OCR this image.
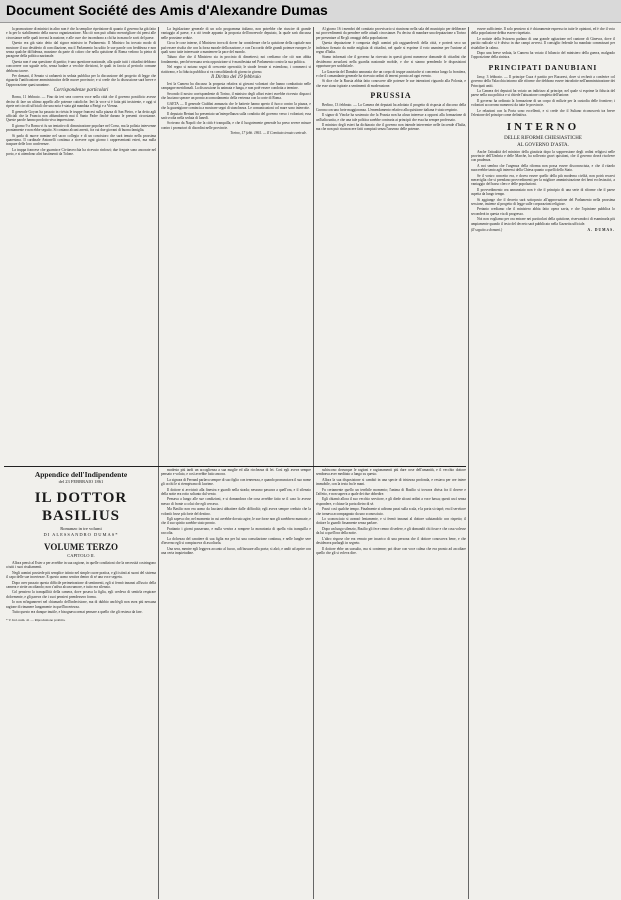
Document Société des Amis d'Alexandre Dumas

la promozione di ministri in altro non è che la semplice ripetizione di quanto il governo ha già fatto e fa per lo stabilimento della nuova organizzazione. Ma ciò non può affatto meravigliare chi pensi alle circostanze nelle quali trovasi la nazione, e alle cure che incombono a chi ha in mano le sorti del paese.

Questo era già stato detto dal signor ministro in Parlamento. Il Ministro ha trovato modo di mostrare il suo desiderio di conciliazione, ma il Parlamento ha udito le sue parole con freddezza e non senza qualche diffidenza, massime da parte di coloro che nella quistione di Roma vedono la pietra di paragone della politica nazionale.

Questa non è una questione di partito; è una questione nazionale, alla quale tutti i cittadini debbono concorrere con uguale zelo, senza badare a vecchie divisioni, le quali in faccia al pericolo comune debbono tacere.

Per domani, il Senato si radunerà in seduta pubblica per la discussione del progetto di legge che riguarda l'unificazione amministrativa delle nuove provincie; e si crede che la discussione sarà breve e l'approvazione quasi unanime.

Corrispondenze particolari

Roma, 11 febbraio. — Fino da ieri sera correva voce nella città che il governo pontificio avesse deciso di fare un ultimo appello alle potenze cattoliche. Ieri la voce si è fatta più insistente, e oggi si ripete nei circoli ufficiali che una nota è stata già mandata a Parigi e a Vienna.

Il generale Goyon ha passato in rivista le truppe francesi sulla piazza di San Pietro, e ha detto agli ufficiali che la Francia non abbandonerà mai il Santo Padre finché durano le presenti circostanze. Queste parole hanno prodotto viva impressione.

Il giorno 9 a Roma vi fu un tentativo di dimostrazione popolare nel Corso, ma la polizia intervenne prontamente e non ebbe seguito. Si contano alcuni arresti, fra cui due giovani di buona famiglia.

Si parla di nuove nomine nel sacro collegio e di un concistoro che sarà tenuto nella prossima quaresima. Il cardinale Antonelli continua a ricevere ogni giorno i rappresentanti esteri, ma nulla traspare delle loro conferenze.

La truppa francese che guarnisce Civitavecchia ha ricevuto rinforzi; due fregate sono ancorate nel porto, e si attendono altri bastimenti da Tolone.

La legislazione generale di un solo programma italiano, non potrebbe che riuscire di grande vantaggio al paese, e a ciò tende appunto la proposta dell'onorevole deputato, la quale sarà discussa nelle prossime sedute.

Circa le cose interne, il Ministero trova di dover far considerare che la quistione della capitale non può essere risolta che con la forza morale della nazione, e con l'accordo delle grandi potenze europee, le quali sono tutte interessate a mantenere la pace del mondo.

Taluno dice che il Ministero sia in procinto di dimettersi; noi crediamo che ciò non abbia fondamento, perché nessuna seria opposizione si è manifestata nel Parlamento contro la sua politica.

Nel regno si notano segni di crescente operosità; le strade ferrate si estendono, i commerci si riattivano, e la fiducia pubblica si va consolidando di giorno in giorno.

Il Diritto del 19 febbraio

Ieri la Camera ha discusso la proposta relativa ai giovani volontari che hanno combattuto nelle campagne meridionali. La discussione fu animata e lunga, e non poté essere condotta a termine.

Secondo il nostro corrispondente di Torino, il ministro degli affari esteri avrebbe ricevuto dispacci che lasciano sperare un pronto accomodamento della vertenza con la corte di Roma.

GAETA — Il generale Cialdini annunzia che le batterie hanno aperto il fuoco contro la piazza, e che la guarnigione comincia a mostrare segni di stanchezza. Le comunicazioni col mare sono interrotte.

Il deputato Bertani ha presentato un'interpellanza sulla condotta del governo verso i volontari; essa sarà svolta nella seduta di lunedì.

Scrivono da Napoli che la città è tranquilla, e che il luogotenente generale ha preso severe misure contro i promotori di disordini nelle provincie.

Torino, 17 febb. 1861. — Il Comitato tenuto centrale.

Al giorno 16 i membri del comitato provvisorio si riunirono nella sala del municipio per deliberare sui provvedimenti da prendere nelle attuali circostanze. Fu deciso di mandare una deputazione a Torino per presentare al Re gli omaggi della popolazione.

Questa deputazione è composta degli uomini più ragguardevoli della città, e porterà seco un indirizzo firmato da molte migliaia di cittadini, nel quale si esprime il voto unanime per l'unione al regno d'Italia.

Siamo informati che il governo ha ricevuto in questi giorni numerose domande di cittadini che desiderano arruolarsi nella guardia nazionale mobile, e che si stanno prendendo le disposizioni opportune per soddisfarle.

La Gazzetta del Danubio annunzia che un corpo di truppe austriache si concentra lungo la frontiera, e che il comandante generale ha ricevuto ordini di tenersi pronto ad ogni evento.

Si dice che la Russia abbia fatto conoscere alle potenze le sue intenzioni riguardo alla Polonia, e che esse siano ispirate a sentimenti di moderazione.

PRUSSIA

Berlino, 13 febbraio. — La Camera dei deputati ha adottato il progetto di risposta al discorso della Corona con una forte maggioranza. L'emendamento relativo alla quistione italiana è stato respinto.

Il signor di Vincke ha sostenuto che la Prussia non ha alcun interesse a opporsi alla formazione di un'Italia unita, e che una tale politica sarebbe contraria ai principii che essa ha sempre professato.

Il ministro degli esteri ha dichiarato che il governo non intende intervenire nelle faccende d'Italia, ma che non può riconoscere fatti compiuti senza l'assenso delle potenze.

essere sufficiente. Il solo pensiero si è chiaramente espresso in tutte le opinioni, ed è che il voto della popolazione debba essere rispettato.

Le notizie della Svizzera parlano di una grande agitazione nel cantone di Ginevra, dove il partito radicale si è diviso in due campi avversi. Il consiglio federale ha mandato commissari per ristabilire la calma.

Dopo una breve seduta, la Camera ha votato il bilancio del ministero della guerra, malgrado l'opposizione della sinistra.

PRINCIPATI DANUBIANI

Jassy, 3 febbraio. — Il principe Cuza è partito per Bucarest, dove si recherà a conferire col governo della Valacchia intorno alle riforme che debbono essere introdotte nell'amministrazione dei Principati uniti.

La Camera dei deputati ha votato un indirizzo al principe, nel quale si esprime la fiducia del paese nella sua politica e si chiede l'attuazione completa dell'unione.

Il governo ha ordinato la formazione di un corpo di milizie per la custodia delle frontiere; i volontari accorrono numerosi da tutte le provincie.

Le relazioni con la Porta sono eccellenti, e si crede che il Sultano riconoscerà tra breve l'elezione del principe come definitiva.

INTERNO
DELLE RIFORME CHIESIASTICHE
AL GOVERNO D'ASTA.

Anche l'attualità del ministro della giustizia dopo la soppressione degli ordini religiosi nelle provincie dell'Umbria e delle Marche, ha sollevato gravi quistioni, che il governo dovrà risolvere con prudenza.

A noi sembra che l'urgenza della riforma non possa essere disconosciuta, e che il ritardo nuocerebbe tanto agli interessi della Chiesa quanto a quelli dello Stato.

Se il vostro concetto era, e dovea essere quello della più moderna civiltà, non potrà recarvi meraviglia che si prendano provvedimenti per la migliore amministrazione dei beni ecclesiastici, a vantaggio del basso clero e delle popolazioni.

Il provvedimento ora annunziato non è che il principio di una serie di riforme che il paese aspetta da lungo tempo.

Si aggiunge che il decreto sarà sottoposto all'approvazione del Parlamento nella prossima sessione, insieme al progetto di legge sulle corporazioni religiose.

Pertanto crediamo che il ministero abbia fatto opera savia, e che l'opinione pubblica lo seconderà in questa via di progresso.

Noi non vogliamo per ora entrare nei particolari della quistione, riservandoci di esaminarla più ampiamente quando il testo del decreto sarà pubblicato nella Gazzetta ufficiale.

(Il seguito a domani.)	A. DUMAS.
Appendice dell'Indipendente
del 23 FEBBRAIO 1861
IL DOTTOR BASILIUS
Romanzo in tre volumi
DI ALESSANDRO DUMAS*
VOLUME TERZO
CAPITOLO II.

Allora pensò al Ester a per avrebbe in sua ragione, in quelle condizioni che la necessità costringono a tutti i suoi risultamenti.

Negli uomini possiede più semplice istinto nel simple cuore pratica, e gli istinti ai suoni del sistema il capo delle sue incertezze. E questo uomo sentiva dentro di sé una voce segreta.

Dopo aver passato questa difficile perimetrazione di sentimenti, egli si fermò innanzi all'uscio della camera e stette ascoltando; non s'udiva alcun rumore, e tutto era silenzio.

Col pensiero la tranquillità della camera, dove posava la figlia, egli credeva di sentirla respirare dolcemente, e gli pareva che i suoi pensieri prendessero forma.

Io non m'ingannerei nel chiamarlo dell'indecisione, ma di dubbio anch'egli non avea più nessuna ragione di rimanere lungamente in quell'incertezza.

Tutto questo era dunque inutile, e bisognava ormai pensare a quello che gli restava da fare.

* V. Ind. num. 41 — Riproduzione proibita.

modesto più tardi un accoglienza a sua moglie ed alla ricchezza di lei. Così egli aveva sempre pensato e voluto, e così avrebbe fatto ancora.

La signora di Ferrand parlava sempre di suo figlio con tenerezza, e quando pronunciava il suo nome gli occhi le si riempivano di lacrime.

Il dottore si avvicinò alla finestra e guardò nella strada; nessuno passava a quell'ora, e il silenzio della notte era rotto soltanto dal vento.

Pensava a lungo alle sue condizioni, e si domandava che cosa avrebbe fatto se il caso lo avesse messo di fronte a colui che egli cercava.

Ma Basilio non era uomo da lasciarsi abbattere dalle difficoltà; egli aveva sempre creduto che la volontà fosse più forte del destino.

Egli sapeva che, nel momento in cui avrebbe dovuto agire, le sue forze non gli sarebbero mancate, e che il suo spirito sarebbe stato pronto.

Frattanto i giorni passavano, e nulla veniva a rompere la monotonia di quella vita tranquilla e raccolta.

La dolcezza del carattere di sua figlia era per lui una consolazione continua, e nelle lunghe sere d'inverno egli si compiaceva di ascoltarla.

Una sera, mentre egli leggeva accanto al fuoco, udì bussare alla porta; si alzò, e andò ad aprire con una certa inquietudine.

subiscono dovunque le ragioni e ragionamenti più dure cose dell'umanità, e il vecchio dottore sembrava aver meditato a lungo su questo.

Allora la sua disposizione si cambiò in una specie di tristezza profonda, e restava per ore intere immobile, con la testa fra le mani.

Fu certamente quello un terribile momento; l'anima di Basilio si trovava divisa fra il dovere e l'affetto, e non sapeva a quale dei due obbedire.

Egli chiamò allora il suo vecchio servitore, e gli diede alcuni ordini a voce bassa; questi uscì senza rispondere, e chiuse la porta dietro di sé.

Passò così qualche tempo. Finalmente si udirono passi sulla scala, e la porta si riaprì; era il servitore che tornava accompagnato da uno sconosciuto.

Lo sconosciuto si avanzò lentamente, e si fermò innanzi al dottore salutandolo con rispetto; il dottore lo guardò fissamente senza parlare.

Dopo un lungo silenzio, Basilio gli fece cenno di sedere, e gli domandò chi fosse e che cosa volesse da lui a quell'ora della notte.

L'altro rispose che era venuto per incarico di una persona che il dottore conosceva bene, e che desiderava parlargli in segreto.

Il dottore ebbe un sussulto, ma si contenne; poi disse con voce calma che era pronto ad ascoltare quello che gli si voleva dire.
